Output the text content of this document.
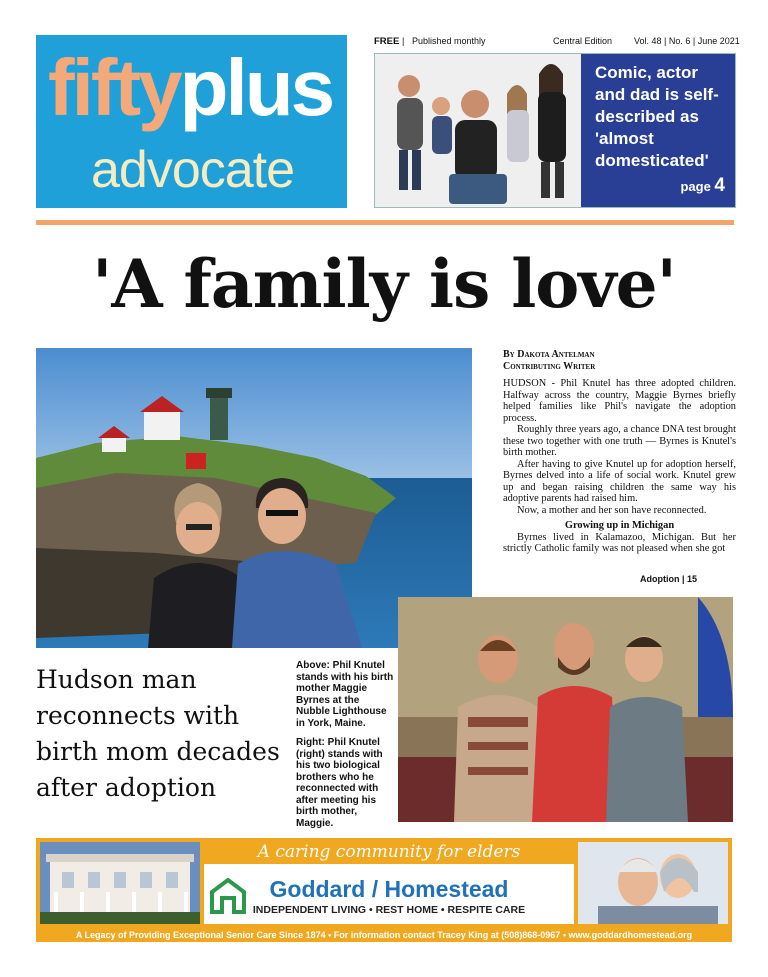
fiftyplus
advocate
FREE | Published monthly	Central Edition Vol. 48 | No. 6 | June 2021
Comic, actor and dad is self-described as 'almost domesticated'
page 4
'A family is love'
By Dakota Antelman
Contributing Writer

HUDSON - Phil Knutel has three adopted children. Halfway across the country, Maggie Byrnes briefly helped families like Phil's navigate the adoption process.

Roughly three years ago, a chance DNA test brought these two together with one truth — Byrnes is Knutel's birth mother.

After having to give Knutel up for adoption herself, Byrnes delved into a life of social work. Knutel grew up and began raising children the same way his adoptive parents had raised him.

Now, a mother and her son have reconnected.

Growing up in Michigan

Byrnes lived in Kalamazoo, Michigan. But her strictly Catholic family was not pleased when she got

Adoption | 15
Hudson man reconnects with birth mom decades after adoption

Above: Phil Knutel stands with his birth mother Maggie Byrnes at the Nubble Lighthouse in York, Maine.

Right: Phil Knutel (right) stands with his two biological brothers who he reconnected with after meeting his birth mother, Maggie.

Goddard / Homestead
INDEPENDENT LIVING • REST HOME • RESPITE CARE
A caring community for elders
A Legacy of Providing Exceptional Senior Care Since 1874 • For information contact Tracey King at (508)868-0967 • www.goddardhomestead.org
